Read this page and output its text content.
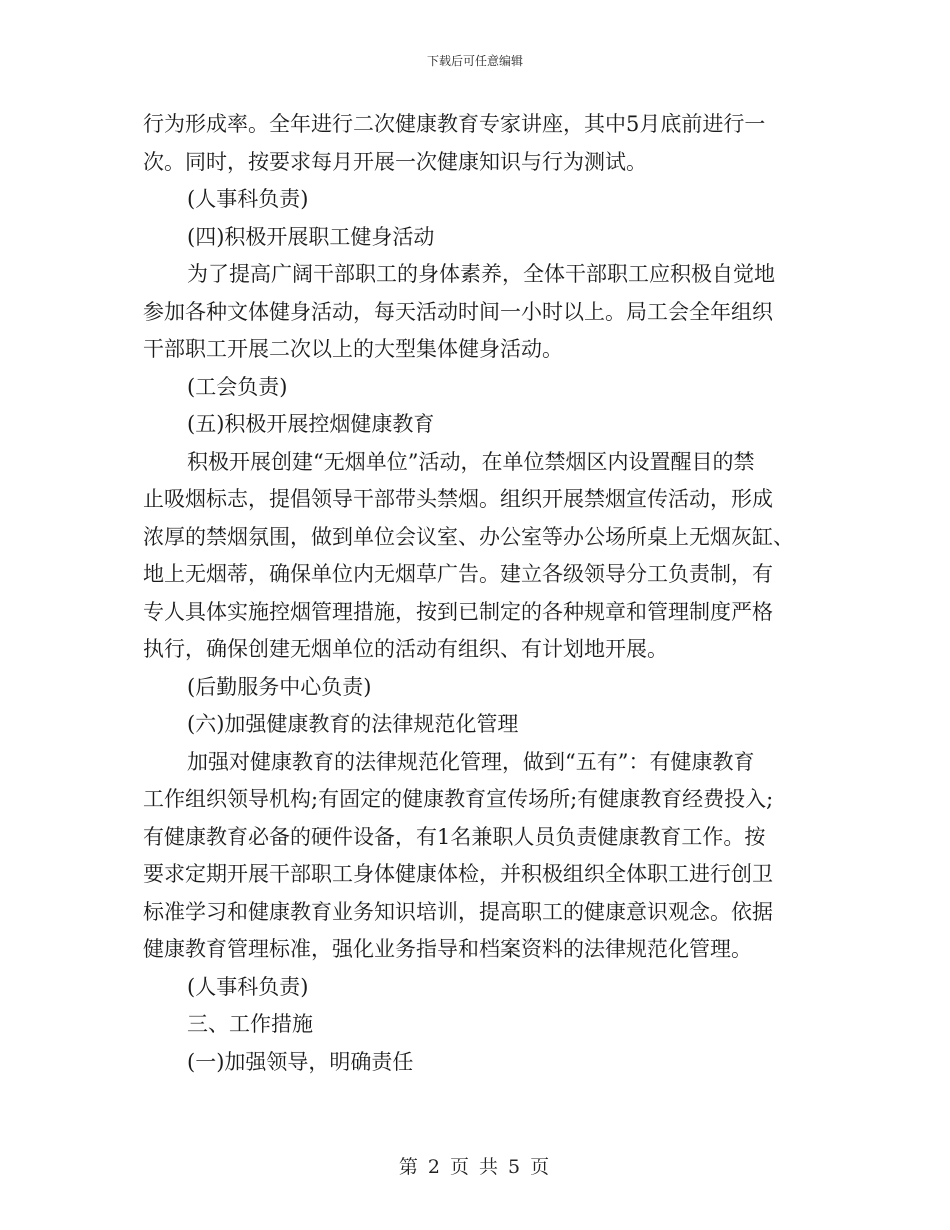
下载后可任意编辑

行为形成率。全年进行二次健康教育专家讲座，其中5月底前进行一

次。同时，按要求每月开展一次健康知识与行为测试。

(人事科负责)

(四)积极开展职工健身活动

为了提高广阔干部职工的身体素养，全体干部职工应积极自觉地

参加各种文体健身活动，每天活动时间一小时以上。局工会全年组织

干部职工开展二次以上的大型集体健身活动。

(工会负责)

(五)积极开展控烟健康教育

积极开展创建“无烟单位”活动，在单位禁烟区内设置醒目的禁

止吸烟标志，提倡领导干部带头禁烟。组织开展禁烟宣传活动，形成

浓厚的禁烟氛围，做到单位会议室、办公室等办公场所桌上无烟灰缸、

地上无烟蒂，确保单位内无烟草广告。建立各级领导分工负责制，有

专人具体实施控烟管理措施，按到已制定的各种规章和管理制度严格

执行，确保创建无烟单位的活动有组织、有计划地开展。

(后勤服务中心负责)

(六)加强健康教育的法律规范化管理

加强对健康教育的法律规范化管理，做到“五有”：有健康教育

工作组织领导机构;有固定的健康教育宣传场所;有健康教育经费投入;

有健康教育必备的硬件设备，有1名兼职人员负责健康教育工作。按

要求定期开展干部职工身体健康体检，并积极组织全体职工进行创卫

标准学习和健康教育业务知识培训，提高职工的健康意识观念。依据

健康教育管理标准，强化业务指导和档案资料的法律规范化管理。

(人事科负责)

三、工作措施

(一)加强领导，明确责任

第 2 页 共 5 页
